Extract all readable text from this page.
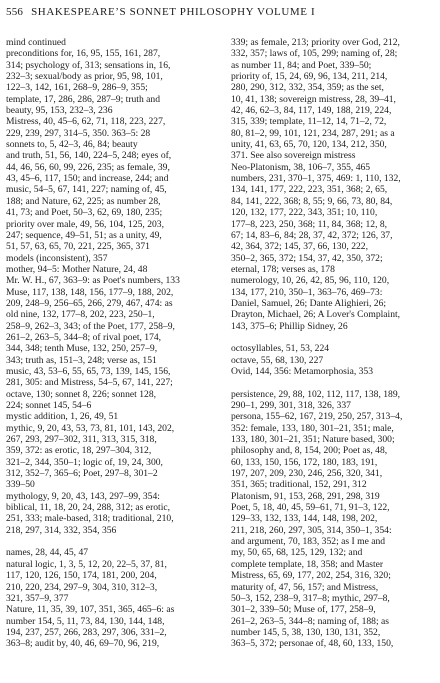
556 SHAKESPEARE’S SONNET PHILOSOPHY VOLUME I
mind continued
preconditions for, 16, 95, 155, 161, 287,
314; psychology of, 313; sensations in, 16,
232–3; sexual/body as prior, 95, 98, 101,
122–3, 142, 161, 268–9, 286–9, 355;
template, 17, 286, 286, 287–9; truth and
beauty, 95, 153, 232–3, 236
Mistress, 40, 45–6, 62, 71, 118, 223, 227,
229, 239, 297, 314–5, 350. 363–5: 28
sonnets to, 5, 42–3, 46, 84; beauty
and truth, 51, 56, 140, 224–5, 248; eyes of,
44, 46, 56, 60, 99, 226, 235; as female, 39,
43, 45–6, 117, 150; and increase, 244; and
music, 54–5, 67, 141, 227; naming of, 45,
188; and Nature, 62, 225; as number 28,
41, 73; and Poet, 50–3, 62, 69, 180, 235;
priority over male, 49, 56, 104, 125, 203,
247; sequence, 49–51, 51; as a unity, 49,
51, 57, 63, 65, 70, 221, 225, 365, 371
models (inconsistent), 357
mother, 94–5: Mother Nature, 24, 48
Mr. W. H., 67, 363–9: as Poet's numbers, 133
Muse, 117, 138, 148, 156, 177–9, 188, 202,
209, 248–9, 256–65, 266, 279, 467, 474: as
old nine, 132, 177–8, 202, 223, 250–1,
258–9, 262–3, 343; of the Poet, 177, 258–9,
261–2, 263–5, 344–8; of rival poet, 174,
344, 348; tenth Muse, 132, 250, 257–9,
343; truth as, 151–3, 248; verse as, 151
music, 43, 53–6, 55, 65, 73, 139, 145, 156,
281, 305: and Mistress, 54–5, 67, 141, 227;
octave, 130; sonnet 8, 226; sonnet 128,
224; sonnet 145, 54–6
mystic addition, 1, 26, 49, 51
mythic, 9, 20, 43, 53, 73, 81, 101, 143, 202,
267, 293, 297–302, 311, 313, 315, 318,
359, 372: as erotic, 18, 297–304, 312,
321–2, 344, 350–1; logic of, 19, 24, 300,
312, 352–7, 365–6; Poet, 297–8, 301–2
339–50
mythology, 9, 20, 43, 143, 297–99, 354:
biblical, 11, 18, 20, 24, 288, 312; as erotic,
251, 333; male-based, 318; traditional, 210,
218, 297, 314, 332, 354, 356
names, 28, 44, 45, 47
natural logic, 1, 3, 5, 12, 20, 22–5, 37, 81,
117, 120, 126, 150, 174, 181, 200, 204,
210, 220, 234, 297–9, 304, 310, 312–3,
321, 357–9, 377
Nature, 11, 35, 39, 107, 351, 365, 465–6: as
number 154, 5, 11, 73, 84, 130, 144, 148,
194, 237, 257, 266, 283, 297, 306, 331–2,
363–8; audit by, 40, 46, 69–70, 96, 219,
339; as female, 213; priority over God, 212,
332, 357; laws of, 105, 299; naming of, 28;
as number 11, 84; and Poet, 339–50;
priority of, 15, 24, 69, 96, 134, 211, 214,
280, 290, 312, 332, 354, 359; as the set,
10, 41, 138; sovereign mistress, 28, 39–41,
42, 46, 62–3, 84, 117, 149, 188, 219, 224,
315, 339; template, 11–12, 14, 71–2, 72,
80, 81–2, 99, 101, 121, 234, 287, 291; as a
unity, 41, 63, 65, 70, 120, 134, 212, 350,
371. See also sovereign mistress
Neo-Platonism, 38, 106–7, 355, 465
numbers, 231, 370–1, 375, 469: 1, 110, 132,
134, 141, 177, 222, 223, 351, 368; 2, 65,
84, 141, 222, 368; 8, 55; 9, 66, 73, 80, 84,
120, 132, 177, 222, 343, 351; 10, 110,
177–8, 223, 250, 368; 11, 84, 368; 12, 8,
67; 14, 83–6, 84; 28, 37, 42, 372; 126, 37,
42, 364, 372; 145, 37, 66, 130, 222,
350–2, 365, 372; 154, 37, 42, 350, 372;
eternal, 178; verses as, 178
numerology, 10, 26, 42, 85, 96, 110, 120,
134, 177, 210, 350–1, 363–76, 469–73:
Daniel, Samuel, 26; Dante Alighieri, 26;
Drayton, Michael, 26; A Lover's Complaint,
143, 375–6; Phillip Sidney, 26
octosyllables, 51, 53, 224
octave, 55, 68, 130, 227
Ovid, 144, 356: Metamorphosia, 353
persistence, 29, 88, 102, 112, 117, 138, 189,
290–1, 299, 301, 318, 326, 337
persona, 155–62, 167, 219, 250, 257, 313–4,
352: female, 133, 180, 301–21, 351; male,
133, 180, 301–21, 351; Nature based, 300;
philosophy and, 8, 154, 200; Poet as, 48,
60, 133, 150, 156, 172, 180, 183, 191,
197, 207, 209, 230, 246, 256, 320, 341,
351, 365; traditional, 152, 291, 312
Platonism, 91, 153, 268, 291, 298, 319
Poet, 5, 18, 40, 45, 59–61, 71, 91–3, 122,
129–33, 132, 133, 144, 148, 198, 202,
211, 218, 260, 297, 305, 314, 350–1, 354:
and argument, 70, 183, 352; as I me and
my, 50, 65, 68, 125, 129, 132; and
complete template, 18, 358; and Master
Mistress, 65, 69, 177, 202, 254, 316, 320;
maturity of, 47, 56, 157; and Mistress,
50–3, 152, 238–9, 317–8; mythic, 297–8,
301–2, 339–50; Muse of, 177, 258–9,
261–2, 263–5, 344–8; naming of, 188; as
number 145, 5, 38, 130, 130, 131, 352,
363–5, 372; personae of, 48, 60, 133, 150,
